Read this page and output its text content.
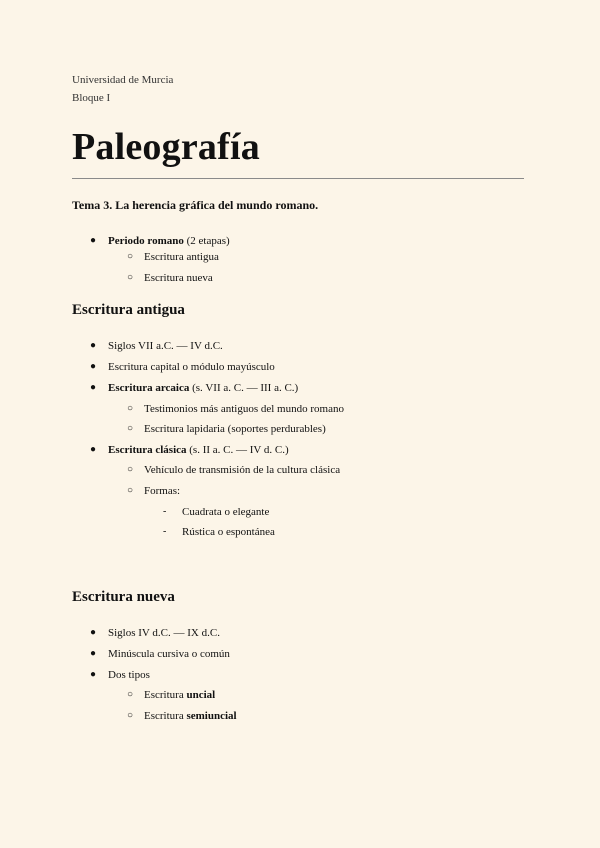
Universidad de Murcia
Bloque I
Paleografía
Tema 3. La herencia gráfica del mundo romano.
● Periodo romano (2 etapas)
○ Escritura antigua
○ Escritura nueva
Escritura antigua
● Siglos VII a.C. — IV d.C.
● Escritura capital o módulo mayúsculo
● Escritura arcaica (s. VII a. C. — III a. C.)
○ Testimonios más antiguos del mundo romano
○ Escritura lapidaria (soportes perdurables)
● Escritura clásica (s. II a. C. — IV d. C.)
○ Vehículo de transmisión de la cultura clásica
○ Formas:
- Cuadrata o elegante
- Rústica o espontánea
Escritura nueva
● Siglos IV d.C. — IX d.C.
● Minúscula cursiva o común
● Dos tipos
○ Escritura uncial
○ Escritura semiuncial
